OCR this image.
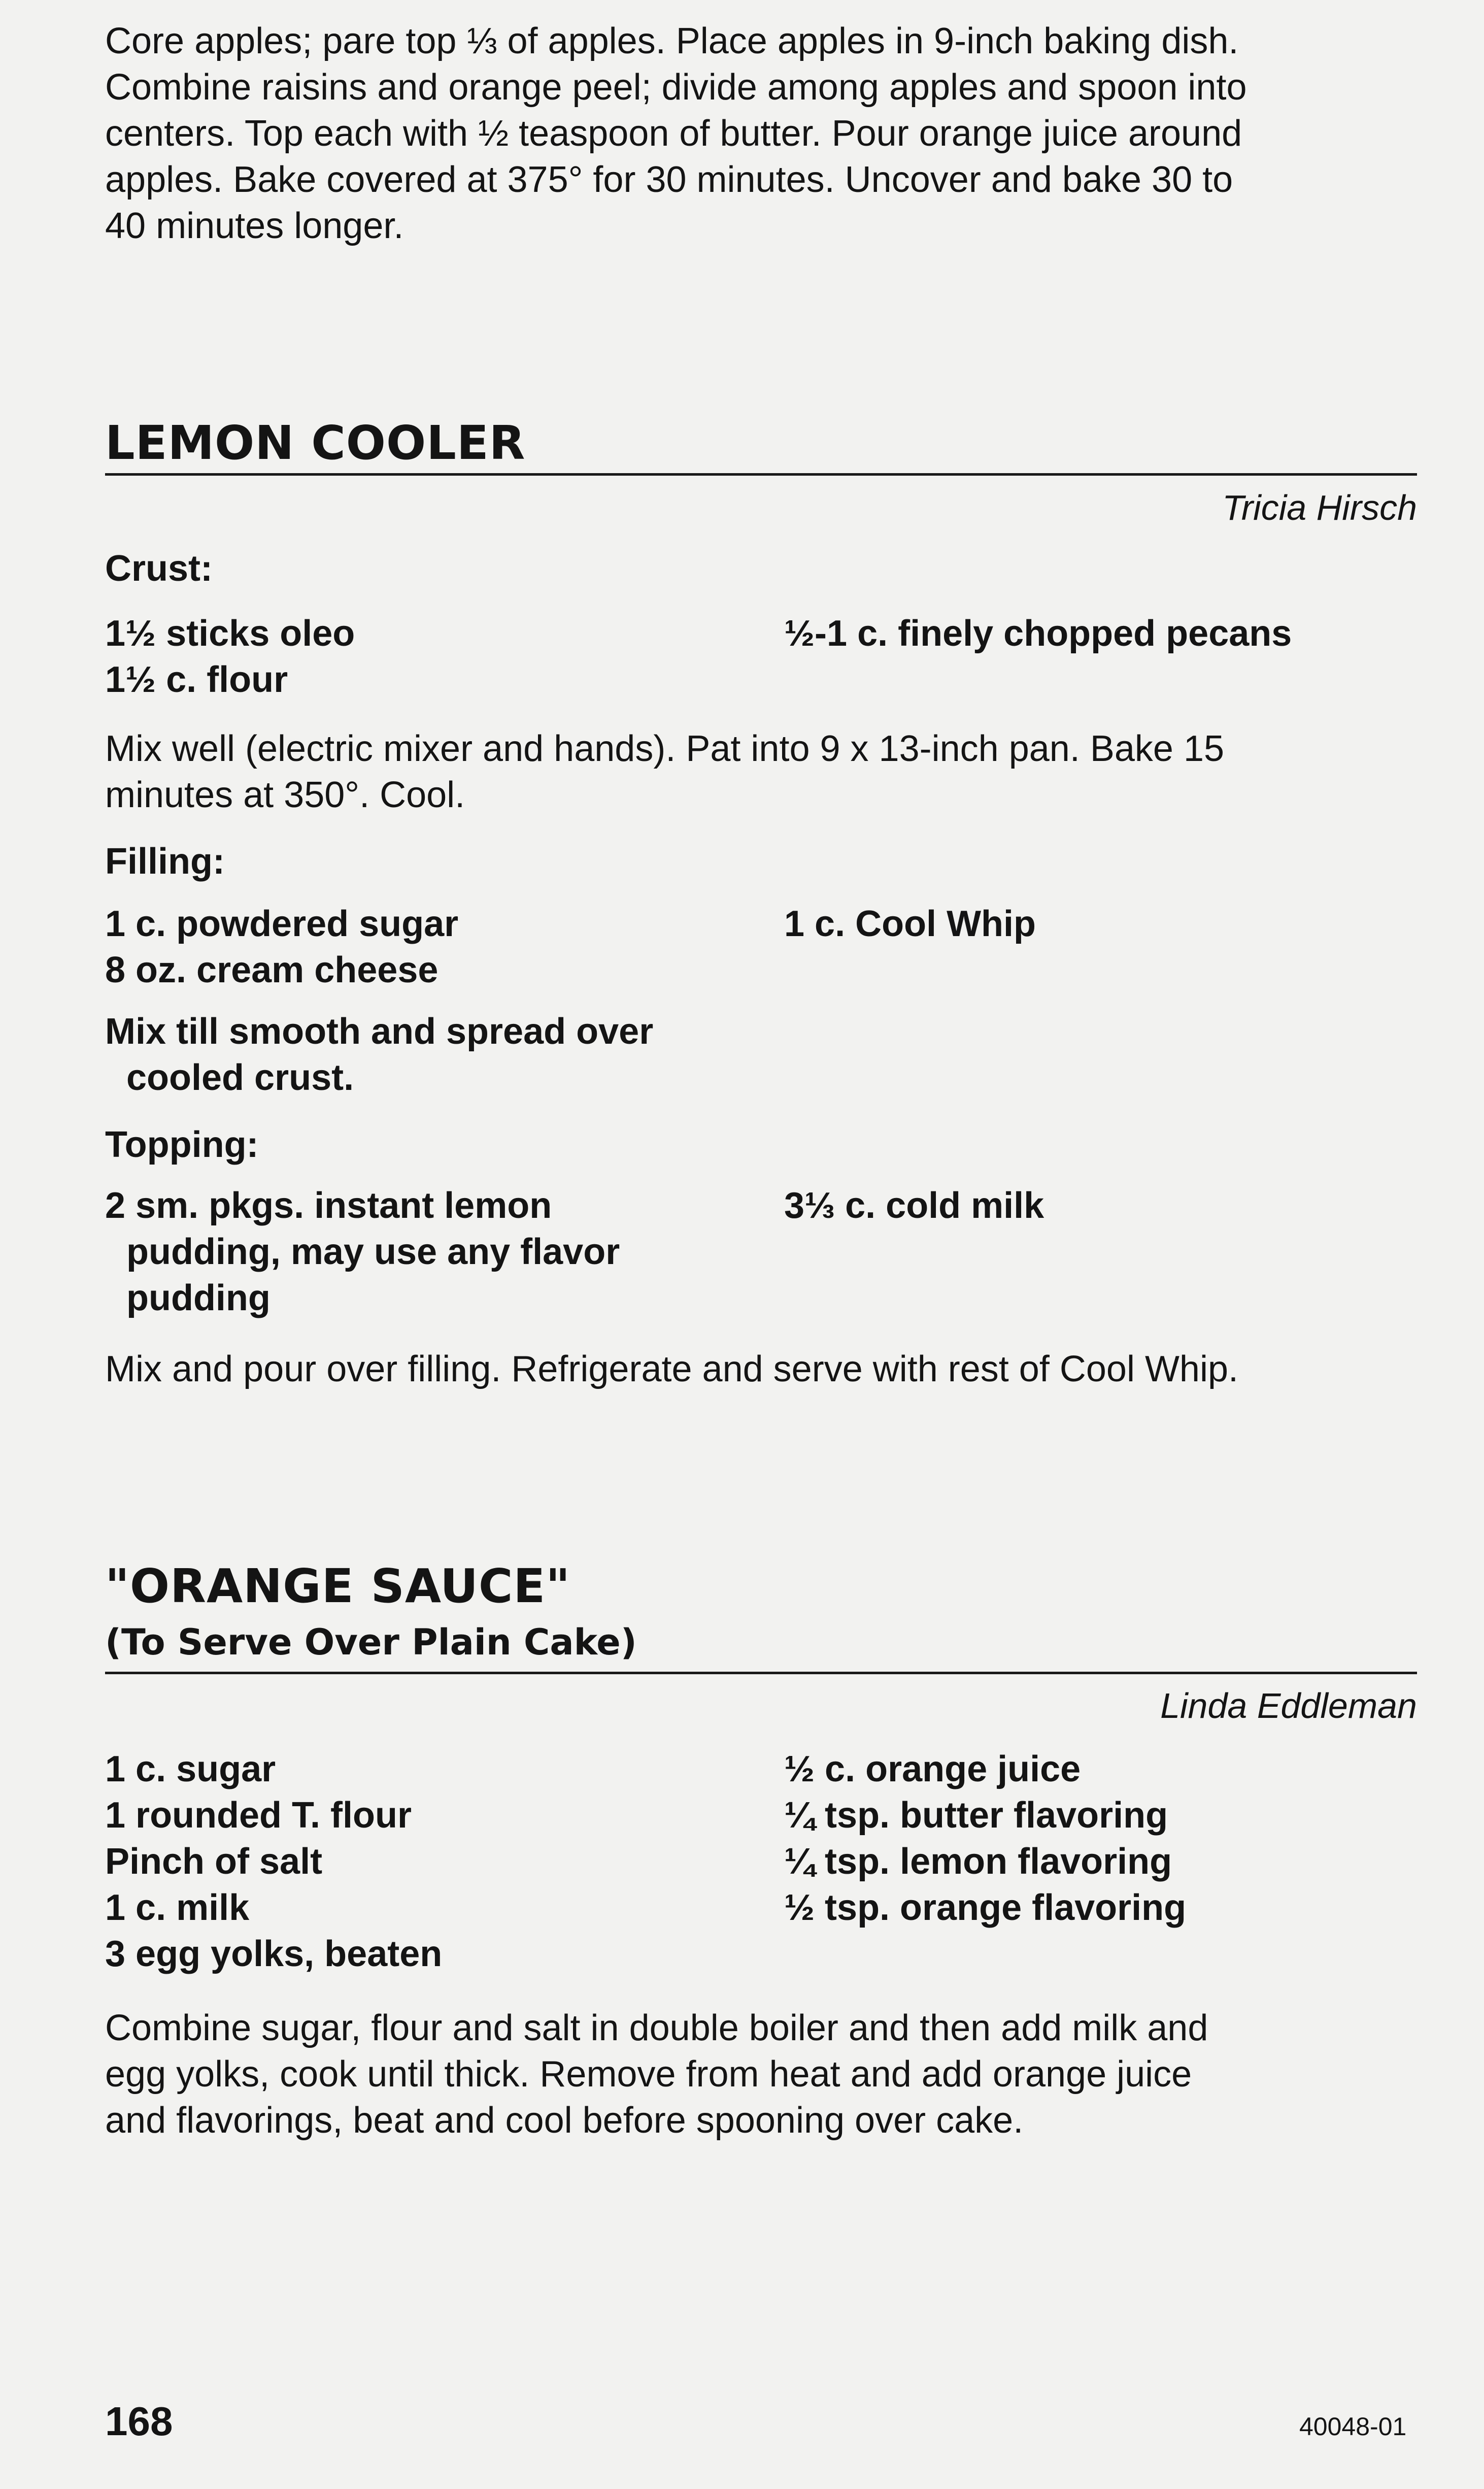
Core apples; pare top ⅓ of apples. Place apples in 9-inch baking dish.
Combine raisins and orange peel; divide among apples and spoon into
centers. Top each with ½ teaspoon of butter. Pour orange juice around
apples. Bake covered at 375° for 30 minutes. Uncover and bake 30 to
40 minutes longer.
LEMON COOLER
Tricia Hirsch
Crust:
1½ sticks oleo
1½ c. flour
½-1 c. finely chopped pecans
Mix well (electric mixer and hands). Pat into 9 x 13-inch pan. Bake 15
minutes at 350°. Cool.
Filling:
1 c. powdered sugar
8 oz. cream cheese
1 c. Cool Whip
Mix till smooth and spread over
cooled crust.
Topping:
2 sm. pkgs. instant lemon
pudding, may use any flavor
pudding
3⅓ c. cold milk
Mix and pour over filling. Refrigerate and serve with rest of Cool Whip.
"ORANGE SAUCE"
(To Serve Over Plain Cake)
Linda Eddleman
1 c. sugar
1 rounded T. flour
Pinch of salt
1 c. milk
3 egg yolks, beaten
½ c. orange juice
¼ tsp. butter flavoring
¼ tsp. lemon flavoring
½ tsp. orange flavoring
Combine sugar, flour and salt in double boiler and then add milk and
egg yolks, cook until thick. Remove from heat and add orange juice
and flavorings, beat and cool before spooning over cake.
168	40048-01
